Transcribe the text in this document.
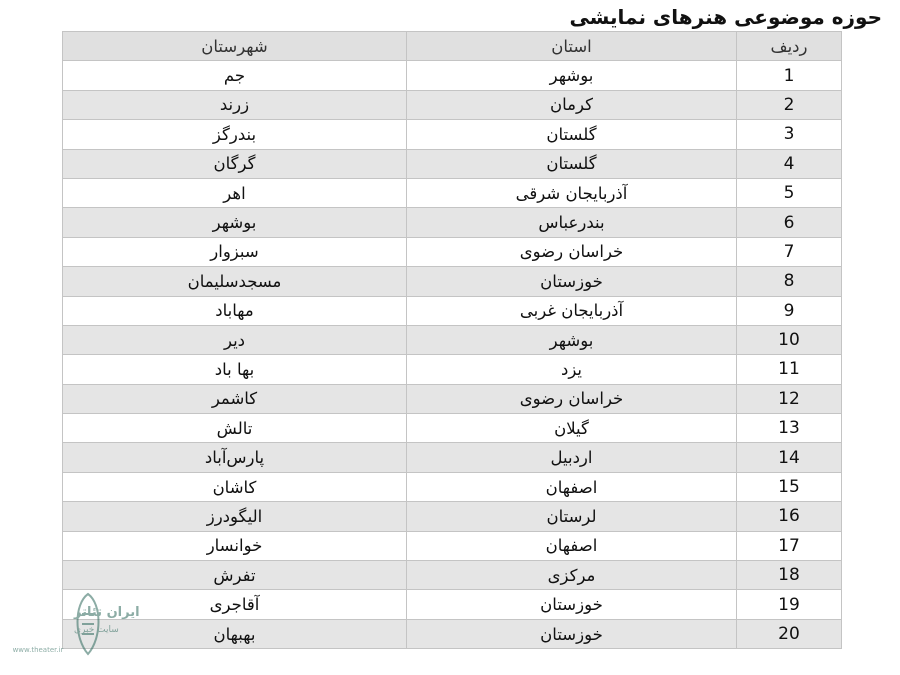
حوزه موضوعی هنرهای نمایشی
ردیف	استان	شهرستان
1	بوشهر	جم
2	کرمان	زرند
3	گلستان	بندرگز
4	گلستان	گرگان
5	آذربایجان شرقی	اهر
6	بندرعباس	بوشهر
7	خراسان رضوی	سبزوار
8	خوزستان	مسجدسلیمان
9	آذربایجان غربی	مهاباد
10	بوشهر	دیر
11	یزد	بها باد
12	خراسان رضوی	کاشمر
13	گیلان	تالش
14	اردبیل	پارس‌آباد
15	اصفهان	کاشان
16	لرستان	الیگودرز
17	اصفهان	خوانسار
18	مرکزی	تفرش
19	خوزستان	آقاجری
20	خوزستان	بهبهان
ایران تئاتر
سایت خبری
www.theater.ir
